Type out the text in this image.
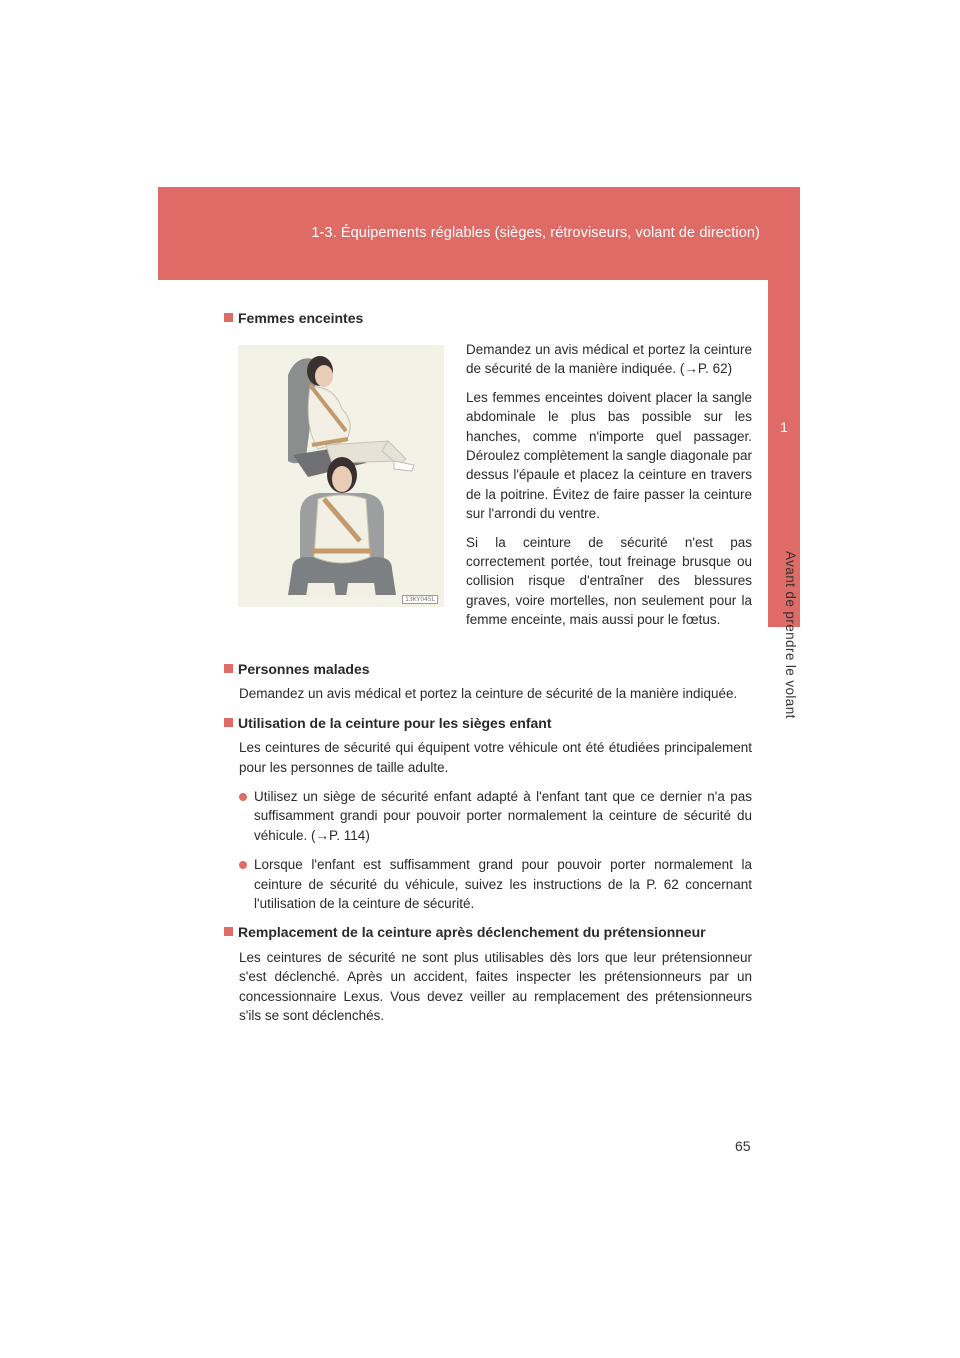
1-3. Équipements réglables (sièges, rétroviseurs, volant de direction)
1
Avant de prendre le volant
Femmes enceintes
13KY045L

Demandez un avis médical et portez la ceinture de sécurité de la manière indiquée. (→P. 62)

Les femmes enceintes doivent placer la sangle abdominale le plus bas possible sur les hanches, comme n'importe quel passager. Déroulez complètement la sangle diagonale par dessus l'épaule et placez la ceinture en travers de la poitrine. Évitez de faire passer la ceinture sur l'arrondi du ventre.

Si la ceinture de sécurité n'est pas correctement portée, tout freinage brusque ou collision risque d'entraîner des blessures graves, voire mortelles, non seulement pour la femme enceinte, mais aussi pour le fœtus.

Personnes malades

Demandez un avis médical et portez la ceinture de sécurité de la manière indiquée.

Utilisation de la ceinture pour les sièges enfant

Les ceintures de sécurité qui équipent votre véhicule ont été étudiées principalement pour les personnes de taille adulte.

Utilisez un siège de sécurité enfant adapté à l'enfant tant que ce dernier n'a pas suffisamment grandi pour pouvoir porter normalement la ceinture de sécurité du véhicule. (→P. 114)

Lorsque l'enfant est suffisamment grand pour pouvoir porter normalement la ceinture de sécurité du véhicule, suivez les instructions de la P. 62 concernant l'utilisation de la ceinture de sécurité.

Remplacement de la ceinture après déclenchement du prétensionneur

Les ceintures de sécurité ne sont plus utilisables dès lors que leur prétensionneur s'est déclenché. Après un accident, faites inspecter les prétensionneurs par un concessionnaire Lexus. Vous devez veiller au remplacement des prétensionneurs s'ils se sont déclenchés.

65
